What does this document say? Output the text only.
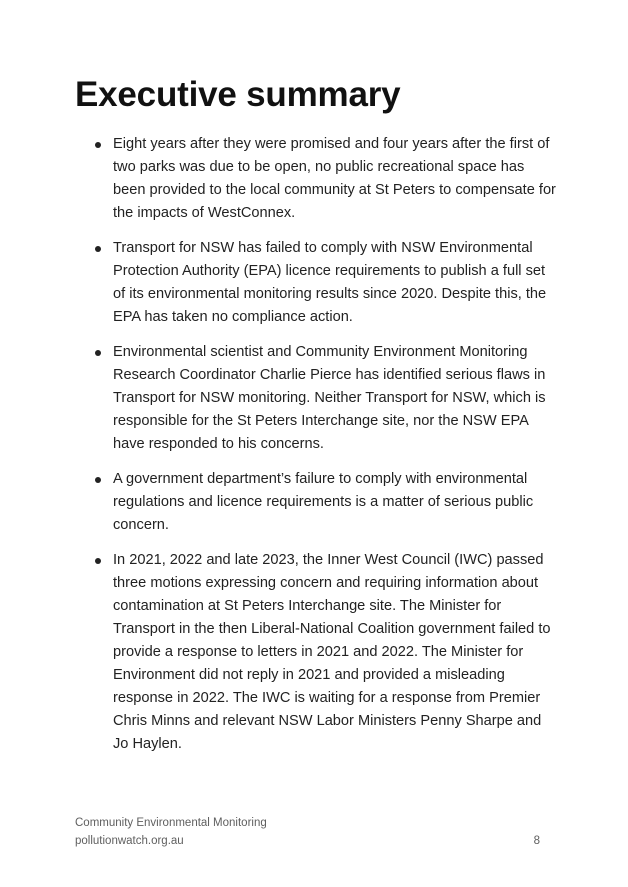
Executive summary
Eight years after they were promised and four years after the first of two parks was due to be open, no public recreational space has been provided to the local community at St Peters to compensate for the impacts of WestConnex.
Transport for NSW has failed to comply with NSW Environmental Protection Authority (EPA) licence requirements to publish a full set of its environmental monitoring results since 2020. Despite this, the EPA has taken no compliance action.
Environmental scientist and Community Environment Monitoring Research Coordinator Charlie Pierce has identified serious flaws in Transport for NSW monitoring. Neither Transport for NSW, which is responsible for the St Peters Interchange site, nor the NSW EPA have responded to his concerns.
A government department’s failure to comply with environmental regulations and licence requirements is a matter of serious public concern.
In 2021, 2022 and late 2023, the Inner West Council (IWC) passed three motions expressing concern and requiring information about contamination at St Peters Interchange site. The Minister for Transport in the then Liberal-National Coalition government failed to provide a response to letters in 2021 and 2022. The Minister for Environment did not reply in 2021 and provided a misleading response in 2022. The IWC is waiting for a response from Premier Chris Minns and relevant NSW Labor Ministers Penny Sharpe and Jo Haylen.
Community Environmental Monitoring
pollutionwatch.org.au	8
